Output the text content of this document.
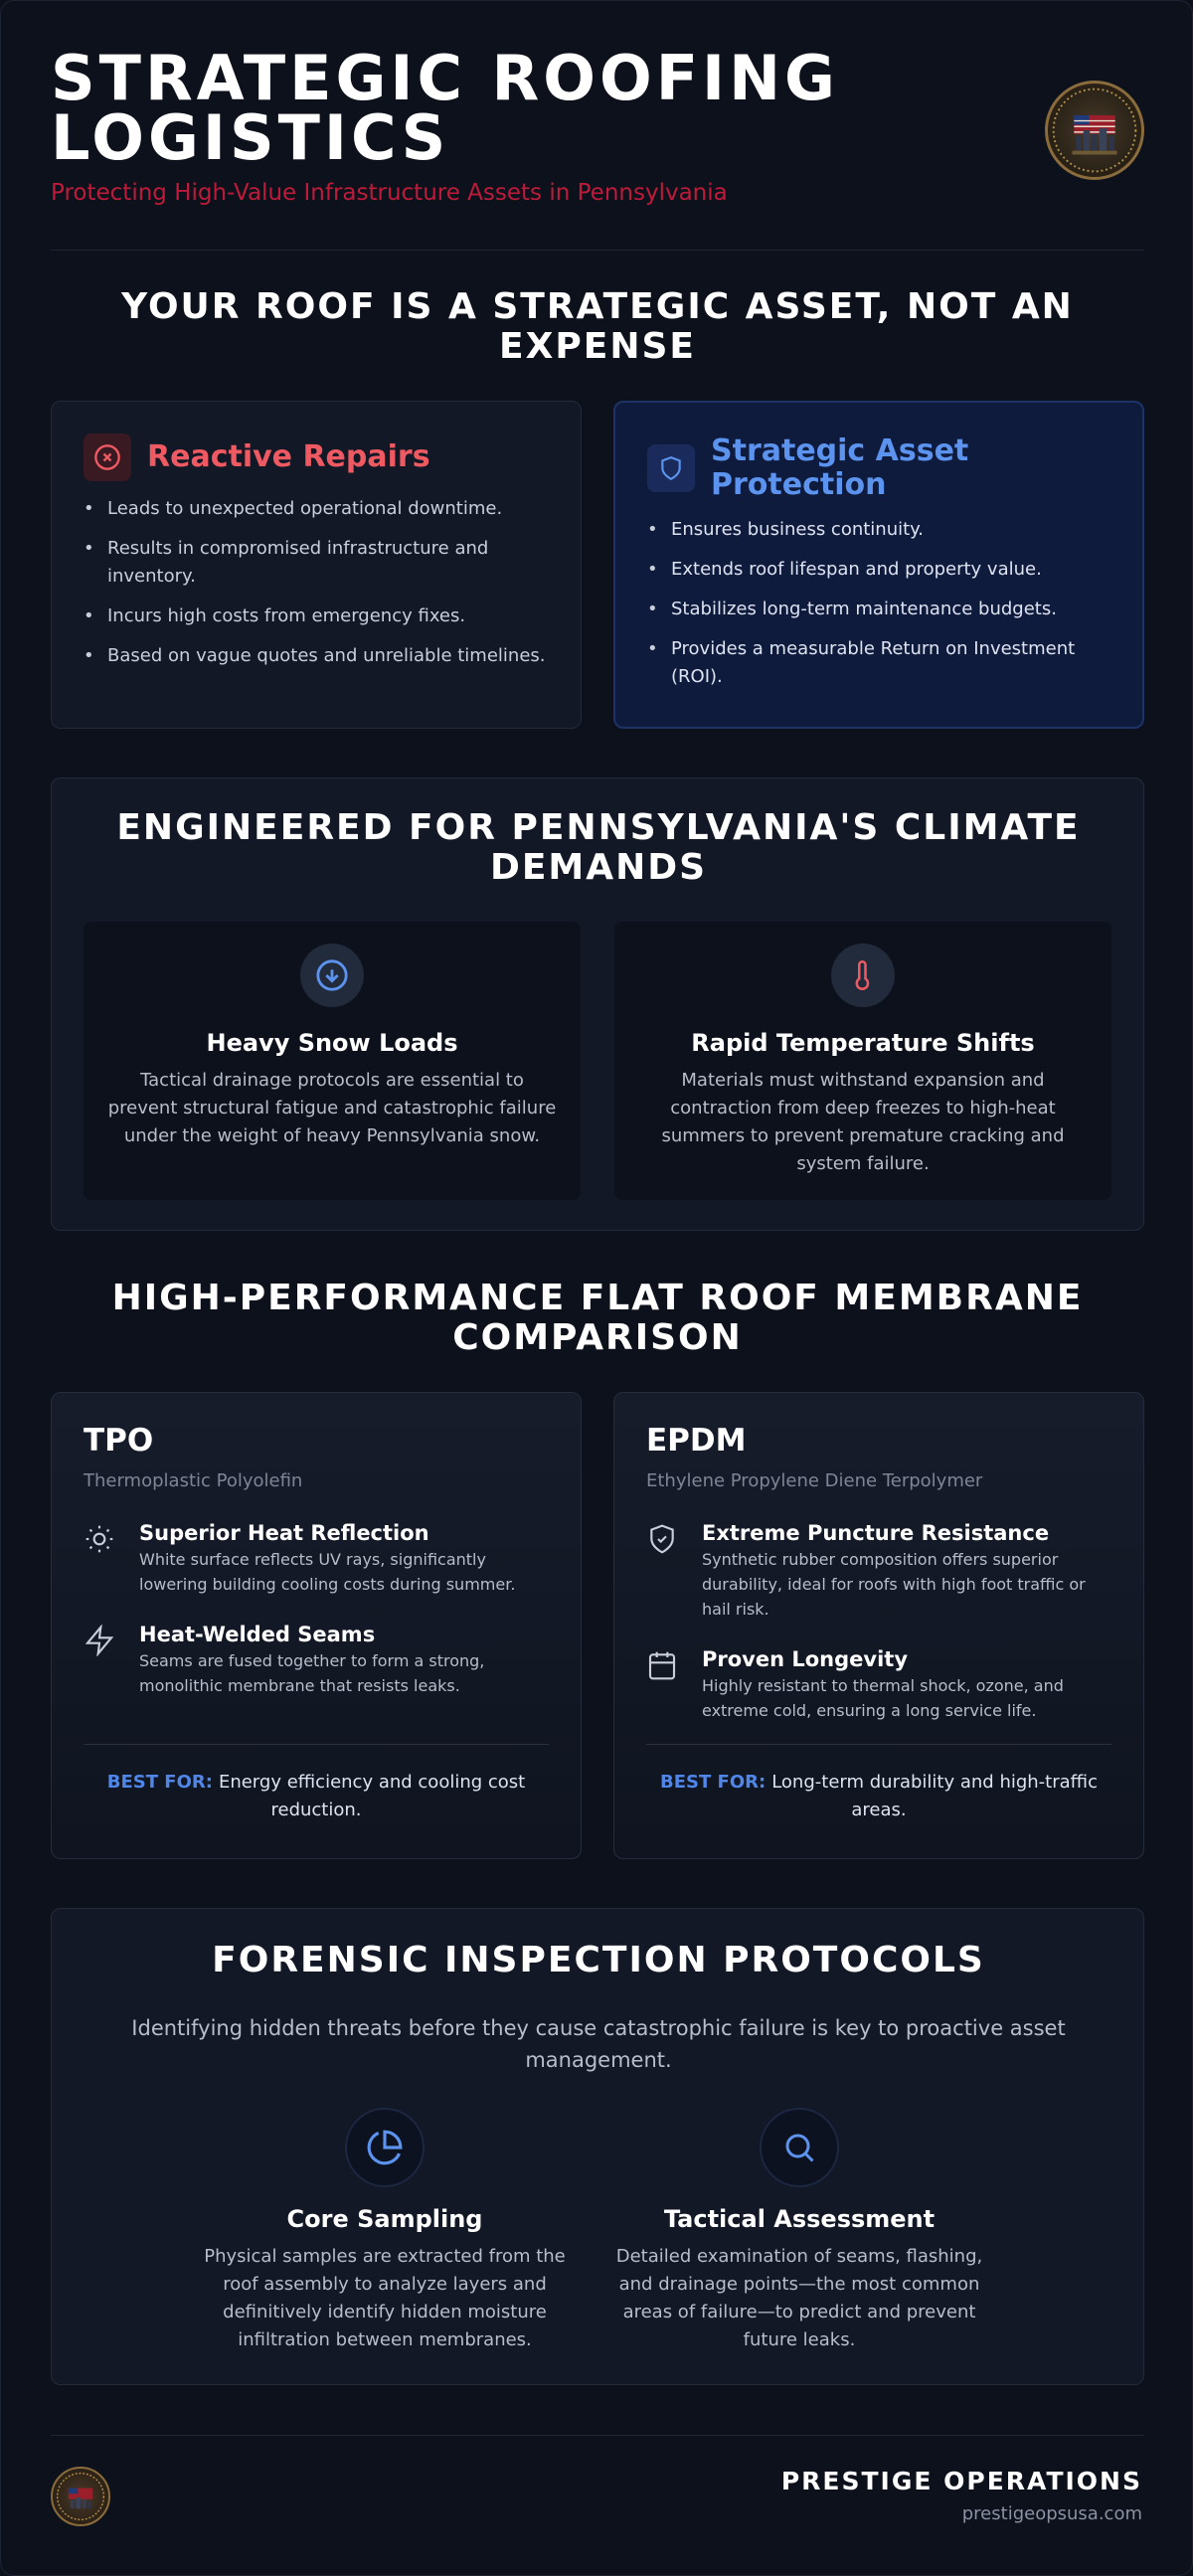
STRATEGIC ROOFING LOGISTICS
Protecting High-Value Infrastructure Assets in Pennsylvania
YOUR ROOF IS A STRATEGIC ASSET, NOT AN EXPENSE
Reactive Repairs
• Leads to unexpected operational downtime.
• Results in compromised infrastructure and inventory.
• Incurs high costs from emergency fixes.
• Based on vague quotes and unreliable timelines.
Strategic Asset Protection
• Ensures business continuity.
• Extends roof lifespan and property value.
• Stabilizes long-term maintenance budgets.
• Provides a measurable Return on Investment (ROI).
ENGINEERED FOR PENNSYLVANIA'S CLIMATE DEMANDS
Heavy Snow Loads
Tactical drainage protocols are essential to prevent structural fatigue and catastrophic failure under the weight of heavy Pennsylvania snow.
Rapid Temperature Shifts
Materials must withstand expansion and contraction from deep freezes to high-heat summers to prevent premature cracking and system failure.
HIGH-PERFORMANCE FLAT ROOF MEMBRANE COMPARISON
TPO
Thermoplastic Polyolefin
Superior Heat Reflection
White surface reflects UV rays, significantly lowering building cooling costs during summer.
Heat-Welded Seams
Seams are fused together to form a strong, monolithic membrane that resists leaks.
BEST FOR: Energy efficiency and cooling cost reduction.
EPDM
Ethylene Propylene Diene Terpolymer
Extreme Puncture Resistance
Synthetic rubber composition offers superior durability, ideal for roofs with high foot traffic or hail risk.
Proven Longevity
Highly resistant to thermal shock, ozone, and extreme cold, ensuring a long service life.
BEST FOR: Long-term durability and high-traffic areas.
FORENSIC INSPECTION PROTOCOLS
Identifying hidden threats before they cause catastrophic failure is key to proactive asset management.
Core Sampling
Physical samples are extracted from the roof assembly to analyze layers and definitively identify hidden moisture infiltration between membranes.
Tactical Assessment
Detailed examination of seams, flashing, and drainage points—the most common areas of failure—to predict and prevent future leaks.
PRESTIGE OPERATIONS
prestigeopsusa.com
